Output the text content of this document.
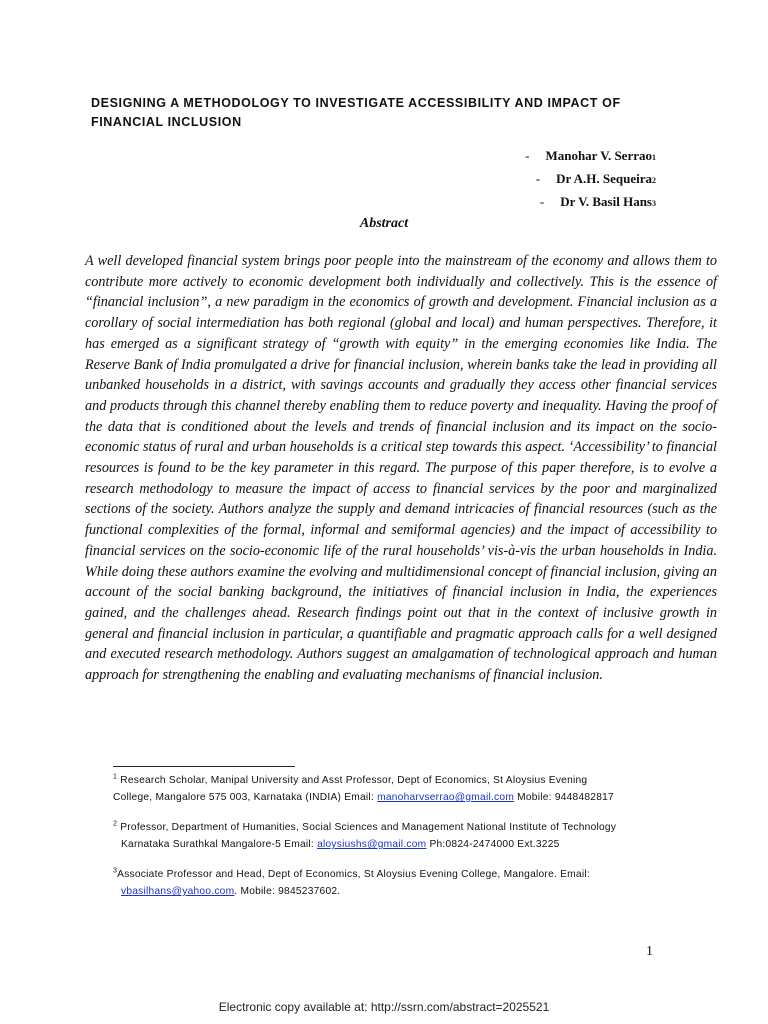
DESIGNING A METHODOLOGY TO INVESTIGATE ACCESSIBILITY AND IMPACT OF FINANCIAL INCLUSION
- Manohar V. Serrao 1
- Dr A.H. Sequeira 2
- Dr V. Basil Hans 3
Abstract
A well developed financial system brings poor people into the mainstream of the economy and allows them to contribute more actively to economic development both individually and collectively. This is the essence of “financial inclusion”, a new paradigm in the economics of growth and development. Financial inclusion as a corollary of social intermediation has both regional (global and local) and human perspectives. Therefore, it has emerged as a significant strategy of “growth with equity” in the emerging economies like India. The Reserve Bank of India promulgated a drive for financial inclusion, wherein banks take the lead in providing all unbanked households in a district, with savings accounts and gradually they access other financial services and products through this channel thereby enabling them to reduce poverty and inequality. Having the proof of the data that is conditioned about the levels and trends of financial inclusion and its impact on the socio-economic status of rural and urban households is a critical step towards this aspect. ‘Accessibility’ to financial resources is found to be the key parameter in this regard. The purpose of this paper therefore, is to evolve a research methodology to measure the impact of access to financial services by the poor and marginalized sections of the society. Authors analyze the supply and demand intricacies of financial resources (such as the functional complexities of the formal, informal and semiformal agencies) and the impact of accessibility to financial services on the socio-economic life of the rural households’ vis-à-vis the urban households in India. While doing these authors examine the evolving and multidimensional concept of financial inclusion, giving an account of the social banking background, the initiatives of financial inclusion in India, the experiences gained, and the challenges ahead. Research findings point out that in the context of inclusive growth in general and financial inclusion in particular, a quantifiable and pragmatic approach calls for a well designed and executed research methodology. Authors suggest an amalgamation of technological approach and human approach for strengthening the enabling and evaluating mechanisms of financial inclusion.
$^1$ Research Scholar, Manipal University and Asst Professor, Dept of Economics, St Aloysius Evening
College, Mangalore 575 003, Karnataka (INDIA) Email: manoharvserrao@gmail.com Mobile: 9448482817
$^2$ Professor, Department of Humanities, Social Sciences and Management National Institute of Technology
Karnataka Surathkal Mangalore-5 Email: aloysiushs@gmail.com Ph:0824-2474000 Ext.3225
$^3$Associate Professor and Head, Dept of Economics, St Aloysius Evening College, Mangalore. Email:
vbasilhans@yahoo.com. Mobile: 9845237602.
1
Electronic copy available at: http://ssrn.com/abstract=2025521
